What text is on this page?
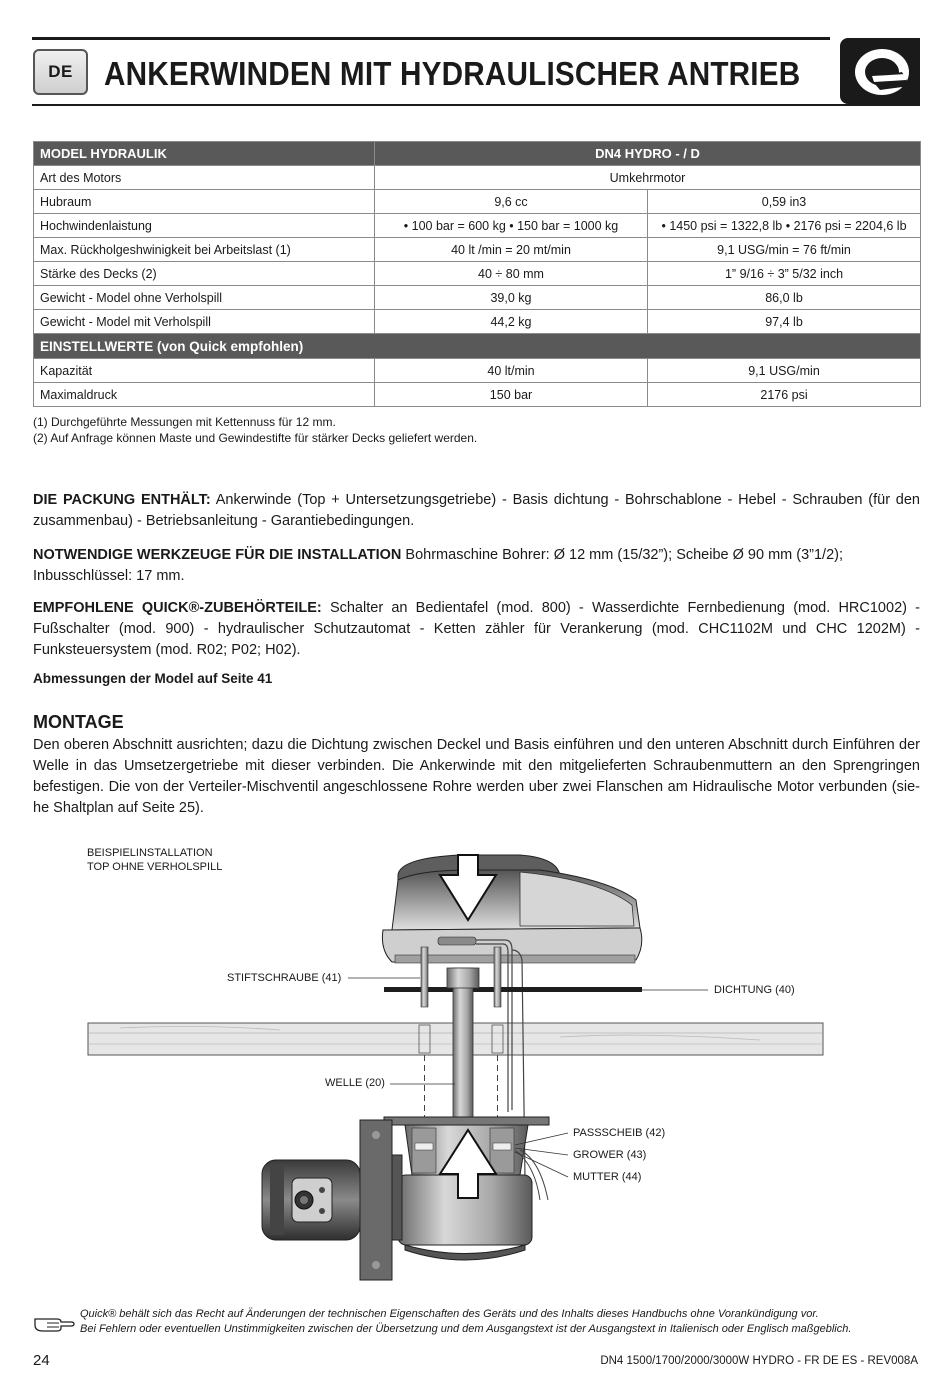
DE ANKERWINDEN MIT HYDRAULISCHER ANTRIEB
MODEL HYDRAULIK	DN4 HYDRO - / D	
Art des Motors	Umkehrmotor	
Hubraum	9,6 cc	0,59 in3
Hochwindenlaistung	• 100 bar = 600 kg • 150 bar = 1000 kg	• 1450 psi = 1322,8 lb • 2176 psi = 2204,6 lb
Max. Rückholgeshwinigkeit bei Arbeitslast (1)	40 lt /min = 20 mt/min	9,1 USG/min = 76 ft/min
Stärke des Decks (2)	40 ÷ 80 mm	1” 9/16 ÷ 3” 5/32 inch
Gewicht - Model ohne Verholspill	39,0 kg	86,0 lb
Gewicht - Model mit Verholspill	44,2 kg	97,4 lb
EINSTELLWERTE (von Quick empfohlen)		
Kapazität	40 lt/min	9,1 USG/min
Maximaldruck	150 bar	2176 psi
(1) Durchgeführte Messungen mit Kettennuss für 12 mm.
(2) Auf Anfrage können Maste und Gewindestifte für stärker Decks geliefert werden.
DIE PACKUNG ENTHÄLT: Ankerwinde (Top + Untersetzungsgetriebe) - Basis dichtung - Bohrschablone - Hebel - Schrauben (für den zusammenbau) - Betriebsanleitung - Garantiebedingungen.
NOTWENDIGE WERKZEUGE FÜR DIE INSTALLATION Bohrmaschine Bohrer: Ø 12 mm (15/32”); Scheibe Ø 90 mm (3”1/2); Inbusschlüssel: 17 mm.
EMPFOHLENE QUICK®-ZUBEHÖRTEILE: Schalter an Bedientafel (mod. 800) - Wasserdichte Fernbedienung (mod. HRC1002) - Fußschalter (mod. 900) - hydraulischer Schutzautomat - Ketten zähler für Verankerung (mod. CHC1102M und CHC 1202M) - Funksteuersystem (mod. R02; P02; H02).
Abmessungen der Model auf Seite 41
MONTAGE
Den oberen Abschnitt ausrichten; dazu die Dichtung zwischen Deckel und Basis einführen und den unteren Abschnitt durch Einführen der Welle in das Umsetzergetriebe mit dieser verbinden. Die Ankerwinde mit den mitgelieferten Schraubenmuttern an den Sprengringen befestigen. Die von der Verteiler-Mischventil angeschlossene Rohre werden uber zwei Flanschen am Hidraulische Motor verbunden (sie-he Shaltplan auf Seite 25).
BEISPIELINSTALLATION
TOP OHNE VERHOLSPILL
STIFTSCHRAUBE (41)
DICHTUNG (40)
WELLE (20)
PASSSCHEIB (42)
GROWER (43)
MUTTER (44)
Quick® behält sich das Recht auf Änderungen der technischen Eigenschaften des Geräts und des Inhalts dieses Handbuchs ohne Vorankündigung vor.
Bei Fehlern oder eventuellen Unstimmigkeiten zwischen der Übersetzung und dem Ausgangstext ist der Ausgangstext in Italienisch oder Englisch maßgeblich.
24	DN4 1500/1700/2000/3000W HYDRO - FR DE ES - REV008A
